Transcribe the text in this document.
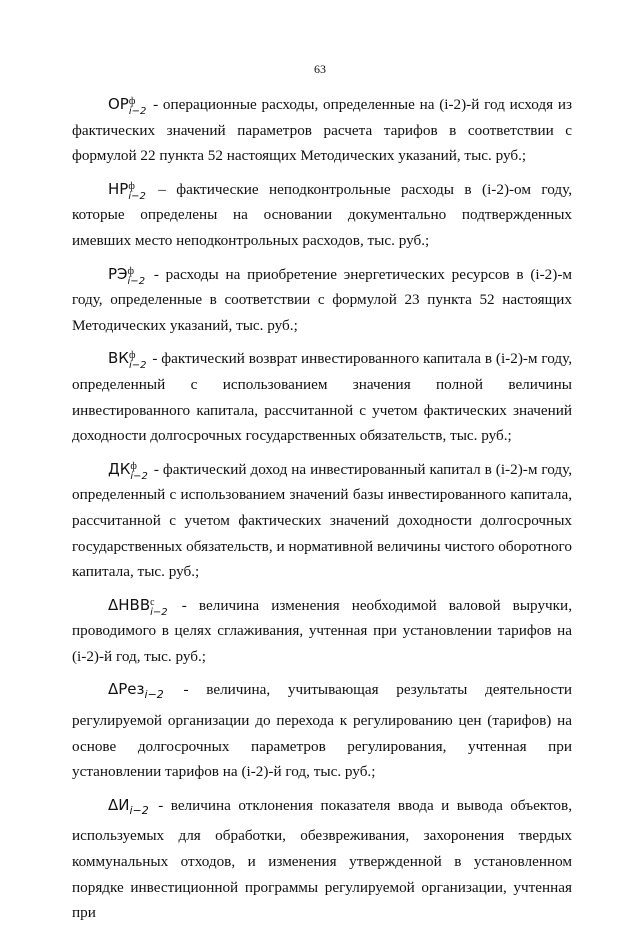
63

ОР ф
i−2 - операционные расходы, определенные на (i-2)-й год исходя из фактических значений параметров расчета тарифов в соответствии с формулой 22 пункта 52 настоящих Методических указаний, тыс. руб.;

НР ф
i−2 – фактические неподконтрольные расходы в (i-2)-ом году, которые определены на основании документально подтвержденных имевших место неподконтрольных расходов, тыс. руб.;

РЭ ф
i−2 - расходы на приобретение энергетических ресурсов в (i-2)-м году, определенные в соответствии с формулой 23 пункта 52 настоящих Методических указаний, тыс. руб.;

ВК ф
i−2 - фактический возврат инвестированного капитала в (i-2)-м году, определенный с использованием значения полной величины инвестированного капитала, рассчитанной с учетом фактических значений доходности долгосрочных государственных обязательств, тыс. руб.;

ДК ф
i−2 - фактический доход на инвестированный капитал в (i-2)-м году, определенный с использованием значений базы инвестированного капитала, рассчитанной с учетом фактических значений доходности долгосрочных государственных обязательств, и нормативной величины чистого оборотного капитала, тыс. руб.;

ΔНВВ с
i−2 - величина изменения необходимой валовой выручки, проводимого в целях сглаживания, учтенная при установлении тарифов на (i-2)-й год, тыс. руб.;

ΔРез$_{i-2}$ - величина, учитывающая результаты деятельности регулируемой организации до перехода к регулированию цен (тарифов) на основе долгосрочных параметров регулирования, учтенная при установлении тарифов на (i-2)-й год, тыс. руб.;

$\Delta И_{i-2}$ - величина отклонения показателя ввода и вывода объектов, используемых для обработки, обезвреживания, захоронения твердых коммунальных отходов, и изменения утвержденной в установленном порядке инвестиционной программы регулируемой организации, учтенная при
